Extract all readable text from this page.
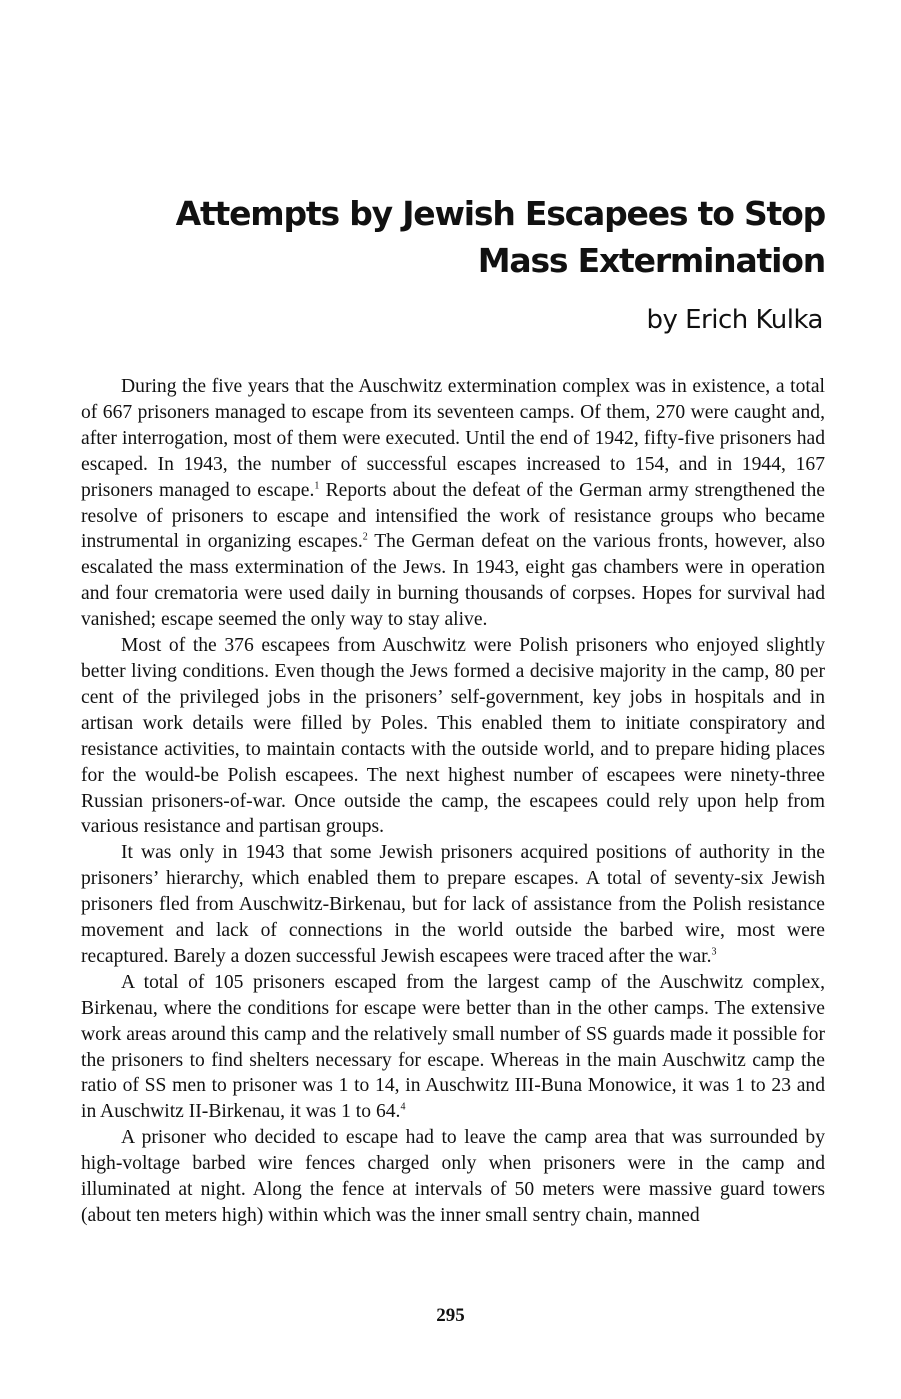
Attempts by Jewish Escapees to Stop
Mass Extermination

by Erich Kulka

During the five years that the Auschwitz extermination complex was in existence, a total of 667 prisoners managed to escape from its seventeen camps. Of them, 270 were caught and, after interrogation, most of them were executed. Until the end of 1942, fifty-five prisoners had escaped. In 1943, the number of successful escapes increased to 154, and in 1944, 167 prisoners managed to escape.$^1$ Reports about the defeat of the German army strengthened the resolve of prisoners to escape and intensified the work of resistance groups who became instrumental in organizing escapes.$^2$ The German defeat on the various fronts, however, also escalated the mass extermination of the Jews. In 1943, eight gas chambers were in operation and four crematoria were used daily in burning thousands of corpses. Hopes for survival had vanished; escape seemed the only way to stay alive.

Most of the 376 escapees from Auschwitz were Polish prisoners who enjoyed slightly better living conditions. Even though the Jews formed a decisive majority in the camp, 80 per cent of the privileged jobs in the prisoners’ self-government, key jobs in hospitals and in artisan work details were filled by Poles. This enabled them to initiate conspiratory and resistance activities, to maintain contacts with the outside world, and to prepare hiding places for the would-be Polish escapees. The next highest number of escapees were ninety-three Russian prisoners-of-war. Once outside the camp, the escapees could rely upon help from various resistance and partisan groups.

It was only in 1943 that some Jewish prisoners acquired positions of authority in the prisoners’ hierarchy, which enabled them to prepare escapes. A total of seventy-six Jewish prisoners fled from Auschwitz-Birkenau, but for lack of assistance from the Polish resistance movement and lack of connections in the world outside the barbed wire, most were recaptured. Barely a dozen successful Jewish escapees were traced after the war.$^3$

A total of 105 prisoners escaped from the largest camp of the Auschwitz complex, Birkenau, where the conditions for escape were better than in the other camps. The extensive work areas around this camp and the relatively small number of SS guards made it possible for the prisoners to find shelters necessary for escape. Whereas in the main Auschwitz camp the ratio of SS men to prisoner was 1 to 14, in Auschwitz III-Buna Monowice, it was 1 to 23 and in Auschwitz II-Birkenau, it was 1 to 64.$^4$

A prisoner who decided to escape had to leave the camp area that was surrounded by high-voltage barbed wire fences charged only when prisoners were in the camp and illuminated at night. Along the fence at intervals of 50 meters were massive guard towers (about ten meters high) within which was the inner small sentry chain, manned

295
